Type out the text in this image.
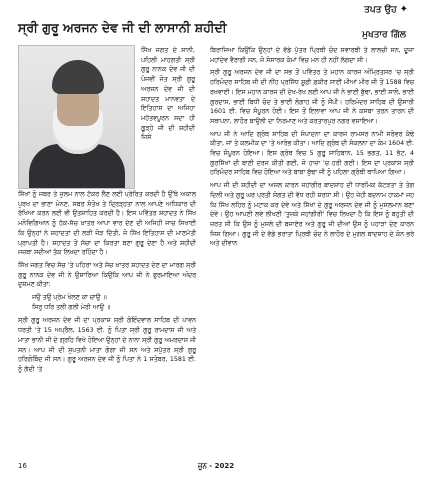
ਤਪਤ ਉਹ ✦
ਸ੍ਰੀ ਗੁਰੂ ਅਰਜਨ ਦੇਵ ਜੀ ਦੀ ਲਾਸਾਨੀ ਸ਼ਹੀਦੀ	ਮੁਖਤਾਰ ਗਿੱਲ

ਸਿੱਖ ਜਗਤ ਦੇ ਸਾਨੀ, ਪਹਿਲੀ ਮਾਹਗਤੀ ਸ੍ਰੀ ਗੁਰੂ ਨਾਨਕ ਦੇਵ ਜੀ ਦੀ ਪੰਜਵੀਂ ਜੋਤ ਸ੍ਰੀ ਗੁਰੂ ਅਰਜਨ ਦੇਵ ਜੀ ਦੀ ਸ਼ਹਾਦਤ ਮਾਨਵਤਾ ਦੇ ਇਤਿਹਾਸ ਦਾ ਅਜਿਹਾ ਮਹੱਤਵਪੂਰਨ ਸਦਾ ਹੀ ਗੂੜ੍ਹੇ ਜੀ ਦੀ ਸ਼ਹੀਦੀ ਜਿਸੇ

ਸਿੱਖਾਂ ਨੂੰ ਜਬਰ ਤੇ ਜ਼ੁਲਮ ਨਾਲ ਟੱਕਰ ਲੈਣ ਲਈ ਪ੍ਰੇਰਿਤ ਕਰਦੀ ਹੈ ਉੱਥੇ ਅਕਾਲ ਪੁਰਖ ਦਾ ਭਾਣਾ ਮੰਨਣ, ਸਬਰ ਸੰਤੋਖ ਤੇ ਦ੍ਰਿੜ੍ਹਤਾ ਨਾਲ ਆਪਣੇ ਅਧਿਕਾਰ ਦੀ ਰੱਖਿਆ ਕਰਨ ਲਈ ਵੀ ਉਤਸ਼ਾਹਿਤ ਕਰਦੀ ਹੈ। ਇਸ ਪਵਿੱਤਰ ਸ਼ਹਾਦਤ ਨੇ ਸਿੱਖ ਮਨੋਵਿਗਿਆਨ ਨੂੰ ਹੱਕ-ਸੱਚ ਖ਼ਾਤਰ ਆਪਾ ਵਾਰ ਦੇਣ ਦੀ ਅਜਿਹੀ ਜਾਚ ਸਿਖਾਈ ਕਿ ਉਨ੍ਹਾਂ ਨੇ ਸ਼ਹਾਦਤਾਂ ਦੀ ਲੜੀ ਜੋੜ ਦਿੱਤੀ, ਜੋ ਸਿੱਖ ਇਤਿਹਾਸ ਦੀ ਮਾਣਮੱਤੀ ਪ੍ਰਾਪਤੀ ਹੈ। ਸ਼ਹਾਦਤ ਤੋਂ ਸੱਚਾ ਦਾ ਕਿਰਤਾ ਬਣਾ ਗੁਰੂ ਦੇਣਾ ਹੈ ਅਤੇ ਸ਼ਹੀਦੀ ਜਜ਼ਬਾ ਸਦੀਆਂ ਤੱਕ ਲਿਖਦਾ ਰਹਿੰਦਾ ਹੈ।

ਸਿੱਖ ਜਗਤ ਵਿਚ ਸੱਚ 'ਤੇ ਪਹਿਰਾ ਅਤੇ ਸੱਚ ਖ਼ਾਤਰ ਸ਼ਹਾਦਤ ਦੇਣ ਦਾ ਮਾਰਗ ਸ੍ਰੀ ਗੁਰੂ ਨਾਨਕ ਦੇਵ ਜੀ ਨੇ ਉਸਾਰਿਆ ਕਿਉਂਕਿ ਆਪ ਜੀ ਨੇ ਫੁਰਮਾਇਆ ਅੰਦਰ ਦੁਸ਼ਮਣ ਕੀਤਾ:

ਜਉ ਤਉ ਪ੍ਰੇਮ ਖੇਲਣ ਕਾ ਚਾਉ ॥
ਸਿਰੁ ਧਰਿ ਤਲੀ ਗਲੀ ਮੇਰੀ ਆਉ ॥

ਸ੍ਰੀ ਗੁਰੂ ਅਰਜਨ ਦੇਵ ਜੀ ਦਾ ਪ੍ਰਕਾਸ਼ ਸ੍ਰੀ ਗੋਇੰਦਵਾਲ ਸਾਹਿਬ ਦੀ ਪਾਵਨ ਧਰਤੀ 'ਤੇ 15 ਅਪ੍ਰੈਲ, 1563 ਈ. ਨੂੰ ਪਿਤਾ ਸ੍ਰੀ ਗੁਰੂ ਰਾਮਦਾਸ ਜੀ ਅਤੇ ਮਾਤਾ ਭਾਨੀ ਜੀ ਦੇ ਗ੍ਰਹਿ ਵਿਖੇ ਹੋਇਆ ਉਨ੍ਹਾਂ ਦੇ ਨਾਨਾ ਸ੍ਰੀ ਗੁਰੂ ਅਮਰਦਾਸ ਜੀ ਸਨ। ਆਪ ਜੀ ਦੀ ਸੁਪਤਨੀ ਮਾਤਾ ਗੰਗਾ ਜੀ ਸਨ ਅਤੇ ਸਪੁੱਤਰ ਸ੍ਰੀ ਗੁਰੂ ਹਰਿਗੋਬਿੰਦ ਜੀ ਸਨ। ਗੁਰੂ ਅਰਜਨ ਦੇਵ ਜੀ ਨੂੰ ਪਿਤਾ ਨੇ 1 ਸਤੰਬਰ, 1581 ਈ. ਨੂੰ ਗੱਦੀ 'ਤੇ

ਬਿਰਾਜਿਆ ਕਿਉਂਕਿ ਉਨ੍ਹਾਂ ਦੇ ਵੱਡੇ ਪੁੱਤਰ ਪ੍ਰਿਥੀ ਚੰਦ ਸਵਾਰਥੀ ਤੇ ਲਾਲਚੀ ਸਨ, ਦੂਜਾ ਮਹਾਂਦੇਵ ਵੈਰਾਗੀ ਸਨ, ਜੋ ਸੰਸਾਰਕ ਕੰਮਾਂ ਵਿਚ ਮਨ ਹੀ ਨਹੀਂ ਲੱਗਦਾ ਸੀ।

ਸ੍ਰੀ ਗੁਰੂ ਅਰਜਨ ਦੇਵ ਜੀ ਦਾ ਸਭ ਤੋਂ ਪਵਿੱਤਰ ਤੇ ਮਹਾਨ ਕਾਰਜ ਅੰਮ੍ਰਿਤਸਰ 'ਚ ਸ੍ਰੀ ਹਰਿਮੰਦਰ ਸਾਹਿਬ ਜੀ ਦੀ ਨੀਂਹ ਪ੍ਰਸਿੱਧ ਸੂਫ਼ੀ ਫ਼ਕੀਰ ਸਾਈਂ ਮੀਆਂ ਮੀਰ ਜੀ ਤੋਂ 1588 ਵਿਚ ਰਖਵਾਈ। ਇਸ ਮਹਾਨ ਕਾਰਜ ਦੀ ਦੇਖ-ਰੇਖ ਲਈ ਆਪ ਜੀ ਨੇ ਭਾਈ ਬੁੱਢਾ, ਭਾਈ ਸਾਲੋ, ਭਾਈ ਗੁਰਦਾਸ, ਭਾਈ ਬਿਧੀ ਚੰਦ ਤੇ ਭਾਈ ਲੰਗਾਹ ਜੀ ਨੂੰ ਸੌਂਪੀ। ਹਰਿਮੰਦਰ ਸਾਹਿਬ ਦੀ ਉਸਾਰੀ 1601 ਈ. ਵਿਚ ਸੰਪੂਰਨ ਹੋਈ। ਇਸ ਤੋਂ ਇਲਾਵਾ ਆਪ ਜੀ ਨੇ ਕਸਬਾ ਤਰਨ ਤਾਰਨ ਦੀ ਸਥਾਪਨਾ, ਲਾਹੌਰ ਬਾਉਲੀ ਦਾ ਨਿਰਮਾਣ ਅਤੇ ਕਰਤਾਰਪੁਰ ਨਗਰ ਵਸਾਇਆ।

ਆਪ ਜੀ ਨੇ ਆਦਿ ਗ੍ਰੰਥ ਸਾਹਿਬ ਦੀ ਸੰਪਾਦਨਾ ਦਾ ਕਾਰਜ ਰਾਮਸਰ ਨਾਮੀ ਸਰੋਵਰ ਕੰਢੇ ਕੀਤਾ, ਜਾਂ ਤੇ ਕਲਮੀਕ ਦਾ 'ਤੇ ਆਰੰਭ ਕੀਤਾ। ਆਦਿ ਗ੍ਰੰਥ ਦੀ ਸੰਕਲਨਾ ਦਾ ਕੰਮ 1604 ਈ. ਵਿਚ ਸੰਪੂਰਨ ਹੋਇਆ। ਇਸ ਗ੍ਰੰਥ ਵਿਚ 5 ਗੁਰੂ ਸਾਹਿਬਾਨ, 15 ਭਗਤ, 11 ਭੱਟ, 4 ਗੁਰਸਿੱਖਾਂ ਦੀ ਬਾਣੀ ਦਰਜ ਕੀਤੀ ਗਈ, ਜੋ ਹਾਜ਼ਾ 'ਚ ਹਰੀ ਗਈ। ਇਸ ਦਾ ਪ੍ਰਕਾਸ਼ ਸ੍ਰੀ ਹਰਿਮੰਦਰ ਸਾਹਿਬ ਵਿਚ ਹੋਇਆ ਅਤੇ ਬਾਬਾ ਬੁੱਢਾ ਜੀ ਨੂੰ ਪਹਿਲਾ ਗ੍ਰੰਥੀ ਥਾਪਿਆ ਗਿਆ।

ਆਪ ਜੀ ਦੀ ਸ਼ਹੀਦੀ ਦਾ ਅਸਲ ਕਾਰਨ ਜਹਾਂਗੀਰ ਬਾਦਸ਼ਾਹ ਦੀ ਧਾਰਮਿਕ ਕੱਟੜਤਾ ਤੇ ਤੰਗ ਦਿਲੀ ਅਤੇ ਗੁਰੂ ਘਰ ਪ੍ਰਤੀ ਸੰਗਤ ਦੀ ਵੱਧ ਰਹੀ ਸ਼ਰਧਾ ਸੀ। ਉਹ ਜੇਹੀ ਬਦਨਾਮ ਹਾਕਮਾਂ ਜਹ ਕਿ ਸਿੱਖ ਲਹਿਰ ਨੂੰ ਮਟਾਕ ਕਰ ਦੇਵੇ ਅਤੇ ਸਿੱਖਾਂ ਦੇ ਗੁਰੂ ਅਰਜਨ ਦੇਵ ਜੀ ਨੂੰ ਮੁਸਲਮਾਨ ਬਣਾ ਦੇਵੇ। ਉਹ ਆਪਣੀ ਲਵੇ ਲੀਖਣੀ 'ਤੁਜ਼ਕੇ ਜਹਾਂਗੀਰੀ' ਵਿਚ ਲਿਖਦਾ ਹੈ ਕਿ ਇਸ ਨੂੰ ਬਹੁਤੀ ਦੀ ਜ਼ਰਤ ਸੀ ਕਿ ਉਸ ਨੂੰ ਮੁਸਲੇ ਦੀ ਬਜਾਏਰ ਅਤੇ ਗੁਰੂ ਜੀ ਦੀਆਂ ਉਸ ਨੂੰ ਪਹਾੜਾ ਦੇਣ ਕਾਰਨ ਜਿਸ ਗਿਆ। ਗੁਰੂ ਜੀ ਦੇ ਵੱਡੇ ਭਰਾਤਾ ਪ੍ਰਿਥੀ ਚੰਦ ਨੇ ਲਾਹੌਰ ਦੇ ਮੁਗਲ ਬਾਦਸ਼ਾਹ ਦੇ ਕੰਨ ਭਰੇ ਅਤੇ ਦੀਵਾਨ

16	ਜੂਨ - 2022
